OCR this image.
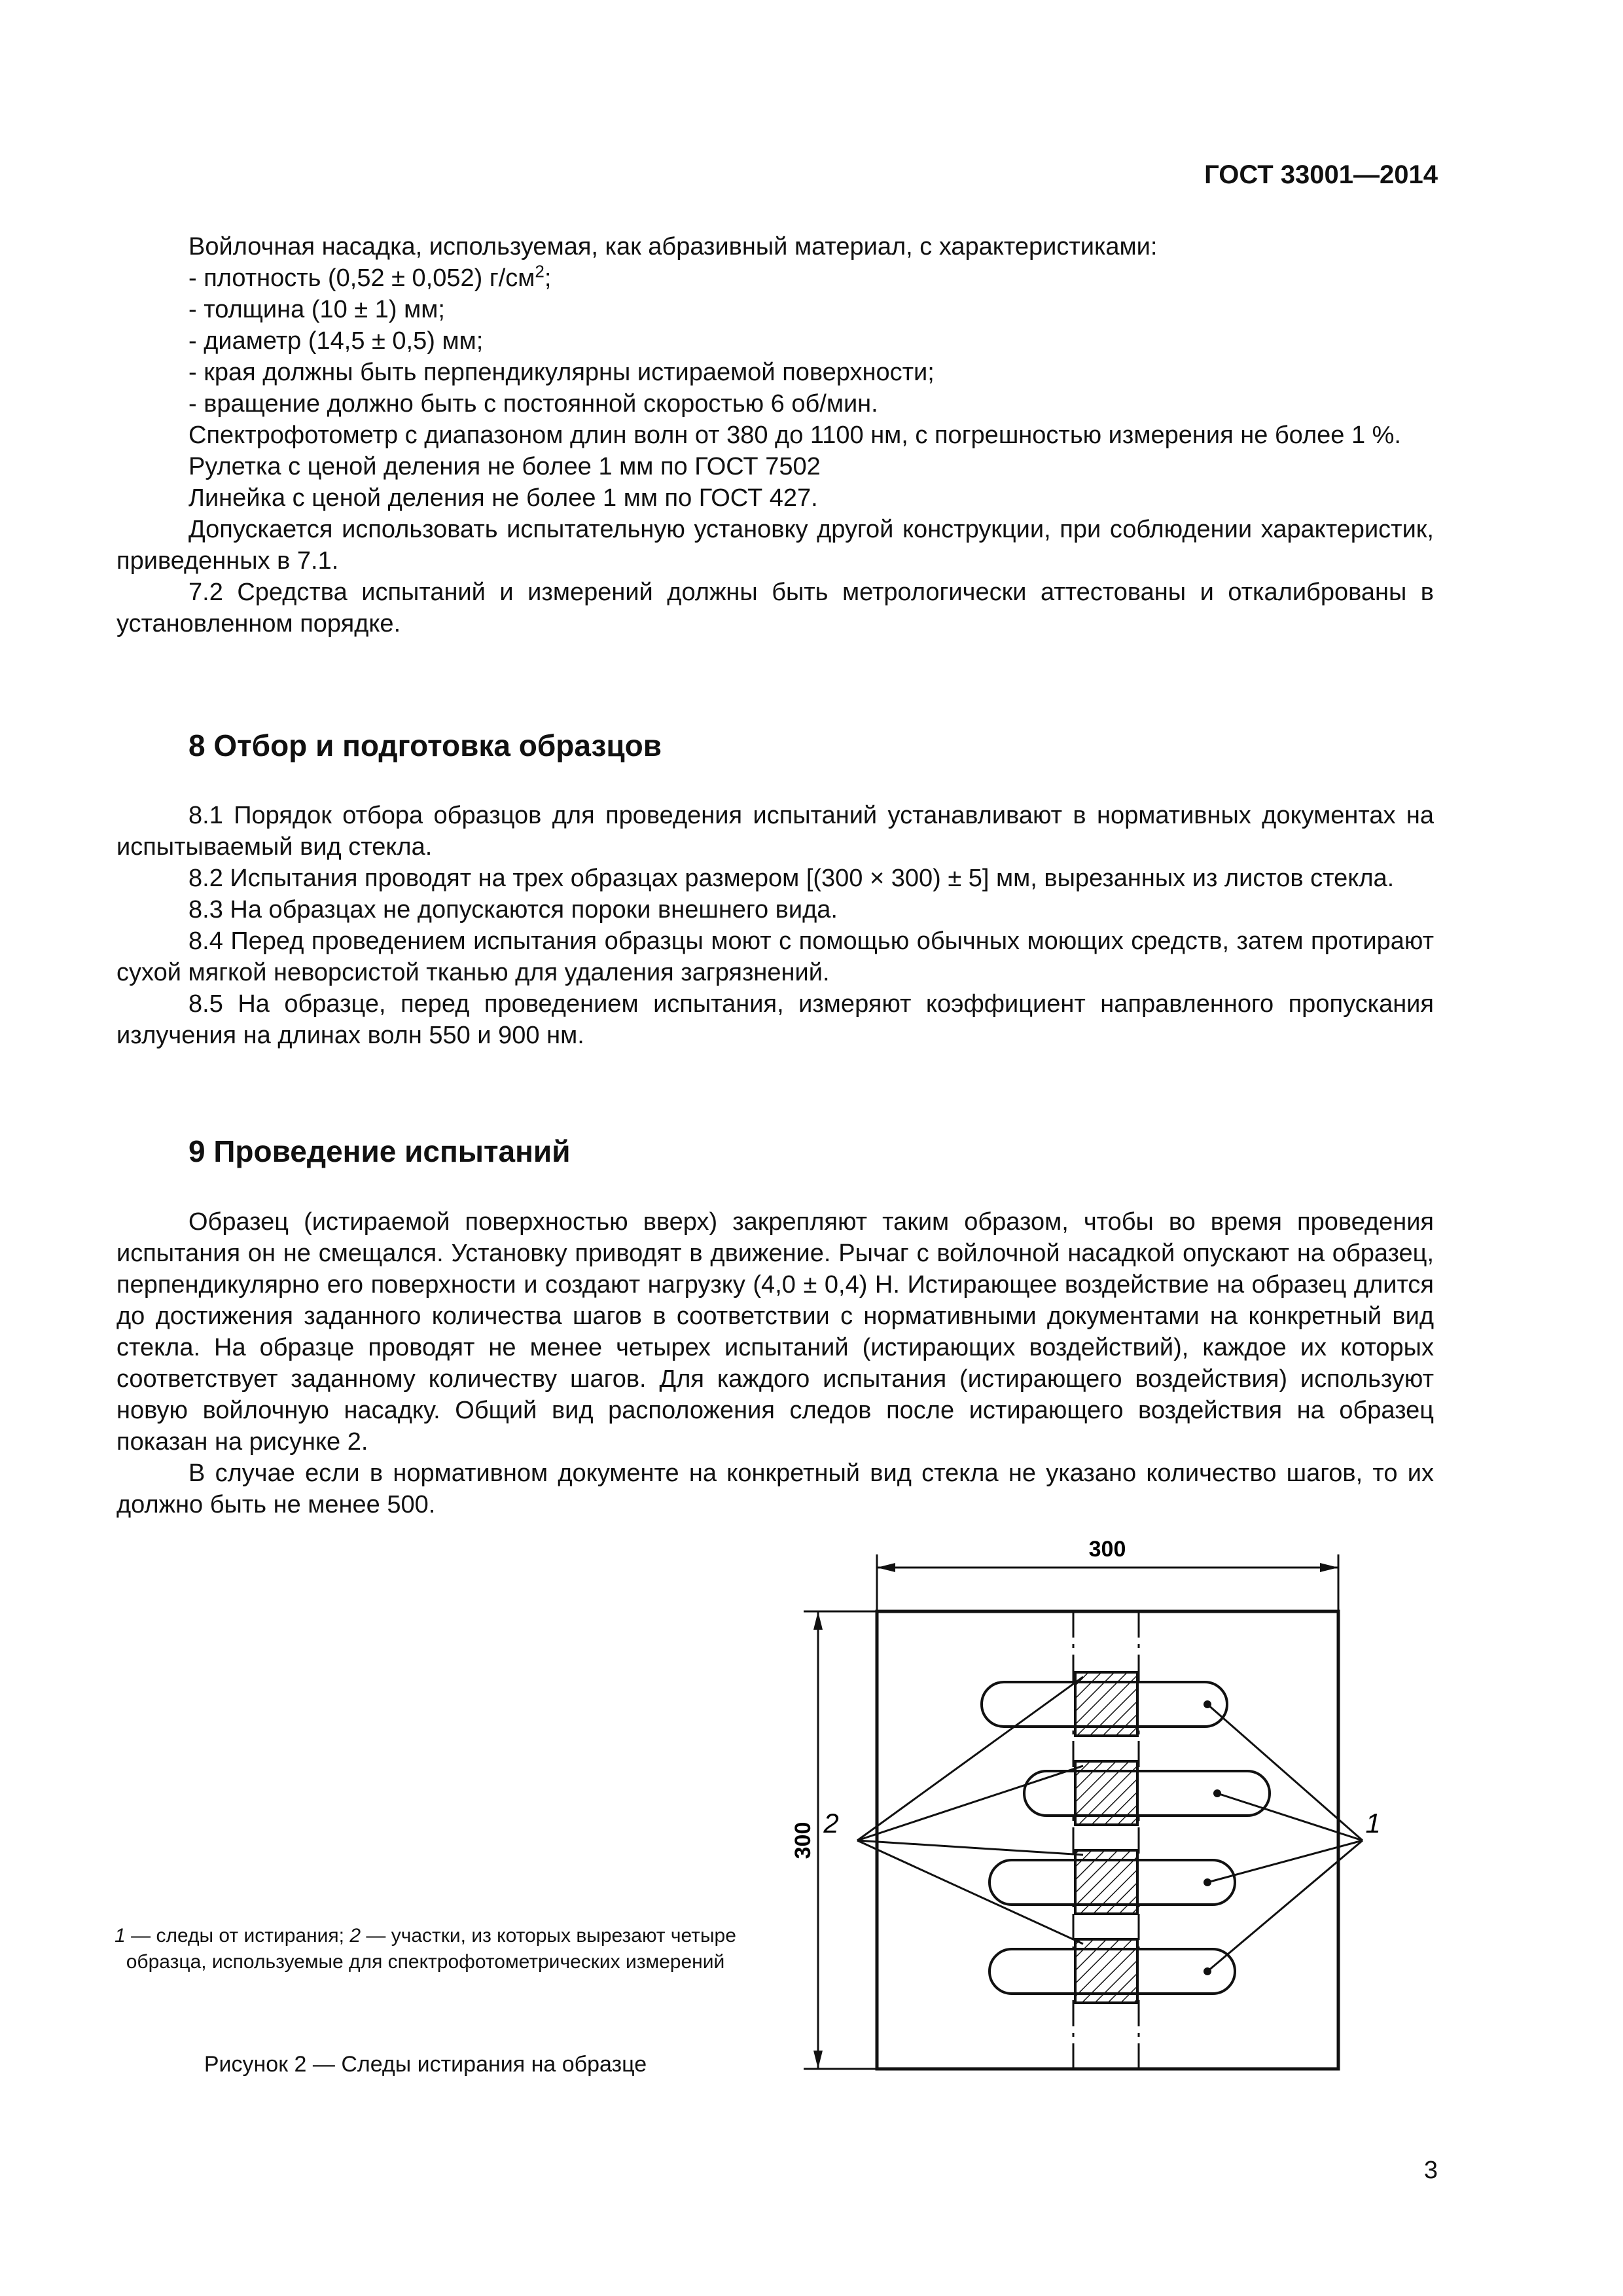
ГОСТ 33001—2014

Войлочная насадка, используемая, как абразивный материал, с характеристиками:

- плотность (0,52 ± 0,052) $г/см^2$;

- толщина (10 ± 1) мм;

- диаметр (14,5 ± 0,5) мм;

- края должны быть перпендикулярны истираемой поверхности;

- вращение должно быть с постоянной скоростью 6 об/мин.

Спектрофотометр с диапазоном длин волн от 380 до 1100 нм, с погрешностью измерения не более 1 %.

Рулетка с ценой деления не более 1 мм по ГОСТ 7502

Линейка с ценой деления не более 1 мм по ГОСТ 427.

Допускается использовать испытательную установку другой конструкции, при соблюдении характеристик, приведенных в 7.1.

7.2 Средства испытаний и измерений должны быть метрологически аттестованы и откалиброваны в установленном порядке.

8 Отбор и подготовка образцов

8.1 Порядок отбора образцов для проведения испытаний устанавливают в нормативных документах на испытываемый вид стекла.

8.2 Испытания проводят на трех образцах размером [(300 × 300) ± 5] мм, вырезанных из листов стекла.

8.3 На образцах не допускаются пороки внешнего вида.

8.4 Перед проведением испытания образцы моют с помощью обычных моющих средств, затем протирают сухой мягкой неворсистой тканью для удаления загрязнений.

8.5 На образце, перед проведением испытания, измеряют коэффициент направленного пропускания излучения на длинах волн 550 и 900 нм.

9 Проведение испытаний

Образец (истираемой поверхностью вверх) закрепляют таким образом, чтобы во время проведения испытания он не смещался. Установку приводят в движение. Рычаг с войлочной насадкой опускают на образец, перпендикулярно его поверхности и создают нагрузку (4,0 ± 0,4) Н. Истирающее воздействие на образец длится до достижения заданного количества шагов в соответствии с нормативными документами на конкретный вид стекла. На образце проводят не менее четырех испытаний (истирающих воздействий), каждое их которых соответствует заданному количеству шагов. Для каждого испытания (истирающего воздействия) используют новую войлочную насадку. Общий вид расположения следов после истирающего воздействия на образец показан на рисунке 2.

В случае если в нормативном документе на конкретный вид стекла не указано количество шагов, то их должно быть не менее 500.

300
300 2	1
1 — следы от истирания; 2 — участки, из которых вырезают четыре образца, используемые для спектрофотометрических измерений
Рисунок 2 — Следы истирания на образце
3
